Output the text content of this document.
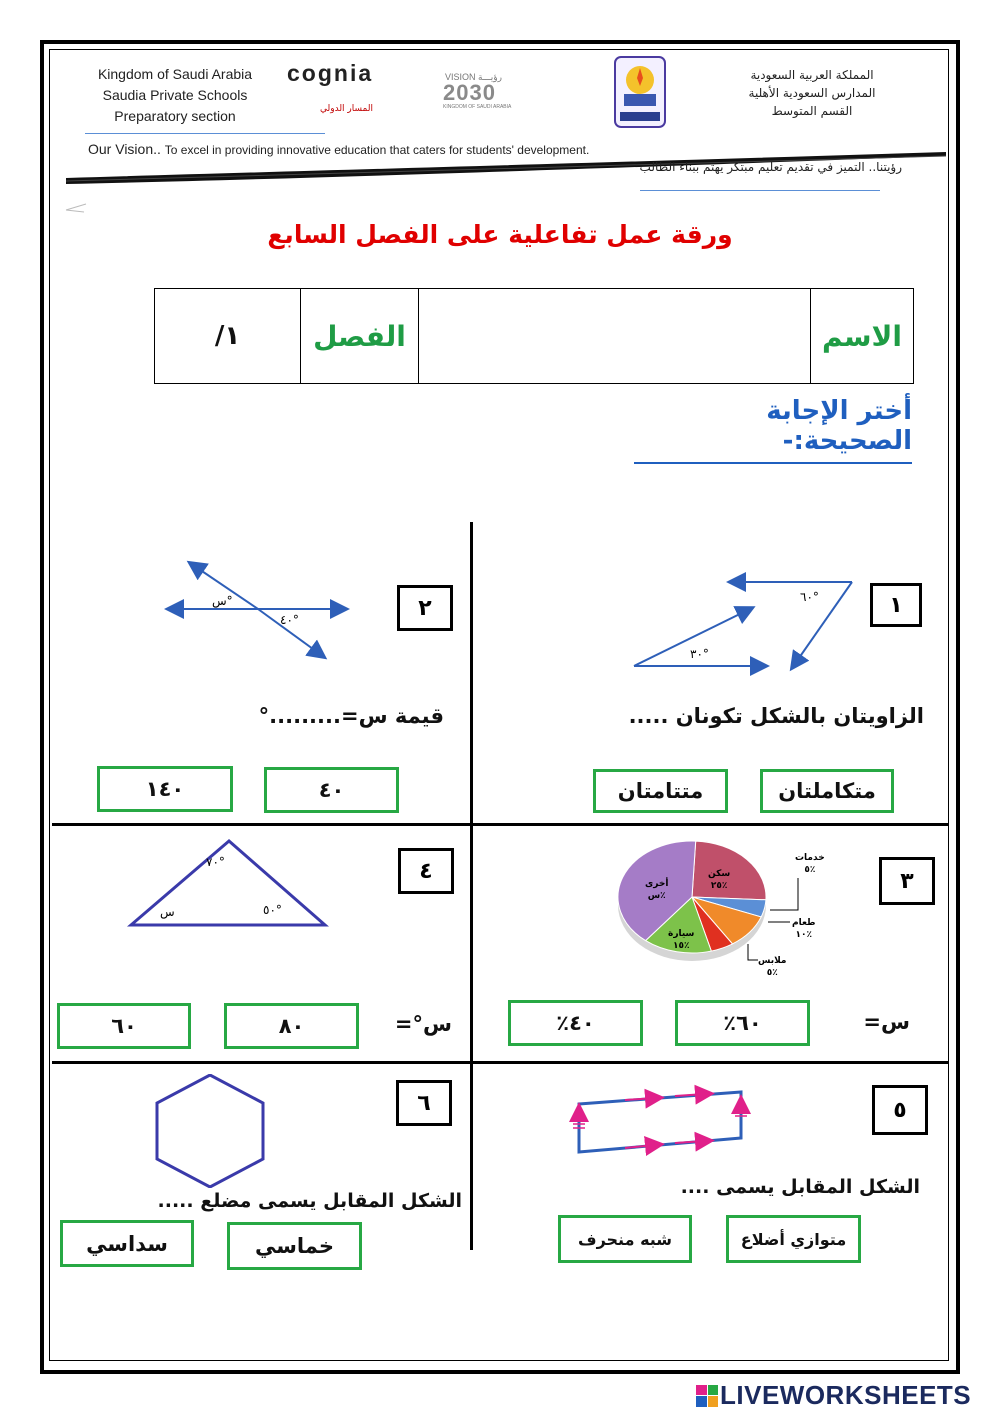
Kingdom of Saudi Arabia
Saudia Private Schools
Preparatory section
cognia
المسار الدولي
VISION رؤيـــة
2030
KINGDOM OF SAUDI ARABIA
المملكة العربية السعودية
المدارس السعودية الأهلية
القسم المتوسط
Our Vision.. To excel in providing innovative education that caters for students' development.
رؤيتنا.. التميز في تقديم تعليم مبتكر يهتم ببناء الطالب
ورقة عمل تفاعلية على الفصل السابع
الاسم
الفصل
/١
أختر الإجابة الصحيحة:-
١
٦٠°
٣٠°
الزاويتان بالشكل تكونان .....
متكاملتان
متتامتان
٢
س°
٤٠°
قيمة س=.........°
١٤٠	٤٠
٣
سكن
٢٥٪
أخرى
س٪
سيارة
١٥٪
خدمات
٥٪
طعام
١٠٪
ملابس
٥٪
س=
٦٠٪
٤٠٪
٤
٧٠°
٥٠°
س
س°=
٦٠	٨٠
٥
الشكل المقابل يسمى ....
متوازي أضلاع
شبه منحرف
٦
الشكل المقابل يسمى مضلع .....
خماسي
سداسي
LIVEWORKSHEETS
